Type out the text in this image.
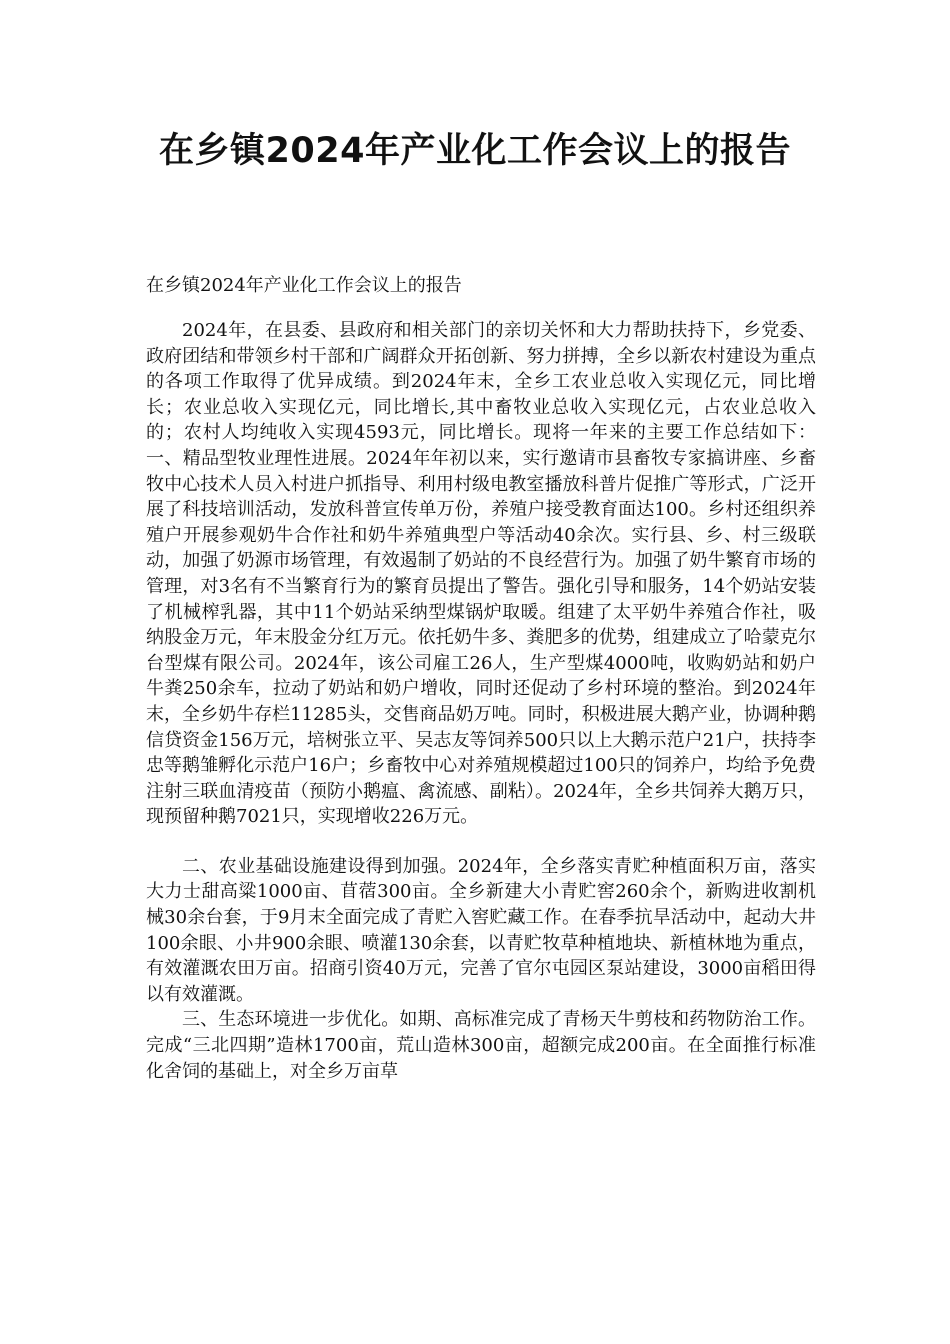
在乡镇2024年产业化工作会议上的报告

在乡镇2024年产业化工作会议上的报告

2024年，在县委、县政府和相关部门的亲切关怀和大力帮助扶持下，乡党委、政府团结和带领乡村干部和广阔群众开拓创新、努力拼搏，全乡以新农村建设为重点的各项工作取得了优异成绩。到2024年末，全乡工农业总收入实现亿元，同比增长；农业总收入实现亿元，同比增长,其中畜牧业总收入实现亿元，占农业总收入的；农村人均纯收入实现4593元，同比增长。现将一年来的主要工作总结如下：一、精品型牧业理性进展。2024年年初以来，实行邀请市县畜牧专家搞讲座、乡畜牧中心技术人员入村进户抓指导、利用村级电教室播放科普片促推广等形式，广泛开展了科技培训活动，发放科普宣传单万份，养殖户接受教育面达100。乡村还组织养殖户开展参观奶牛合作社和奶牛养殖典型户等活动40余次。实行县、乡、村三级联动，加强了奶源市场管理，有效遏制了奶站的不良经营行为。加强了奶牛繁育市场的管理，对3名有不当繁育行为的繁育员提出了警告。强化引导和服务，14个奶站安装了机械榨乳器，其中11个奶站采纳型煤锅炉取暖。组建了太平奶牛养殖合作社，吸纳股金万元，年末股金分红万元。依托奶牛多、粪肥多的优势，组建成立了哈蒙克尔台型煤有限公司。2024年，该公司雇工26人，生产型煤4000吨，收购奶站和奶户牛粪250余车，拉动了奶站和奶户增收，同时还促动了乡村环境的整治。到2024年末，全乡奶牛存栏11285头，交售商品奶万吨。同时，积极进展大鹅产业，协调种鹅信贷资金156万元，培树张立平、吴志友等饲养500只以上大鹅示范户21户，扶持李忠等鹅雏孵化示范户16户；乡畜牧中心对养殖规模超过100只的饲养户，均给予免费注射三联血清疫苗（预防小鹅瘟、禽流感、副粘）。2024年，全乡共饲养大鹅万只，现预留种鹅7021只，实现增收226万元。

二、农业基础设施建设得到加强。2024年，全乡落实青贮种植面积万亩，落实大力士甜高粱1000亩、苜蓿300亩。全乡新建大小青贮窖260余个，新购进收割机械30余台套，于9月末全面完成了青贮入窖贮藏工作。在春季抗旱活动中，起动大井100余眼、小井900余眼、喷灌130余套，以青贮牧草种植地块、新植林地为重点，有效灌溉农田万亩。招商引资40万元，完善了官尔屯园区泵站建设，3000亩稻田得以有效灌溉。

三、生态环境进一步优化。如期、高标准完成了青杨天牛剪枝和药物防治工作。完成“三北四期”造林1700亩，荒山造林300亩，超额完成200亩。在全面推行标准化舍饲的基础上，对全乡万亩草
